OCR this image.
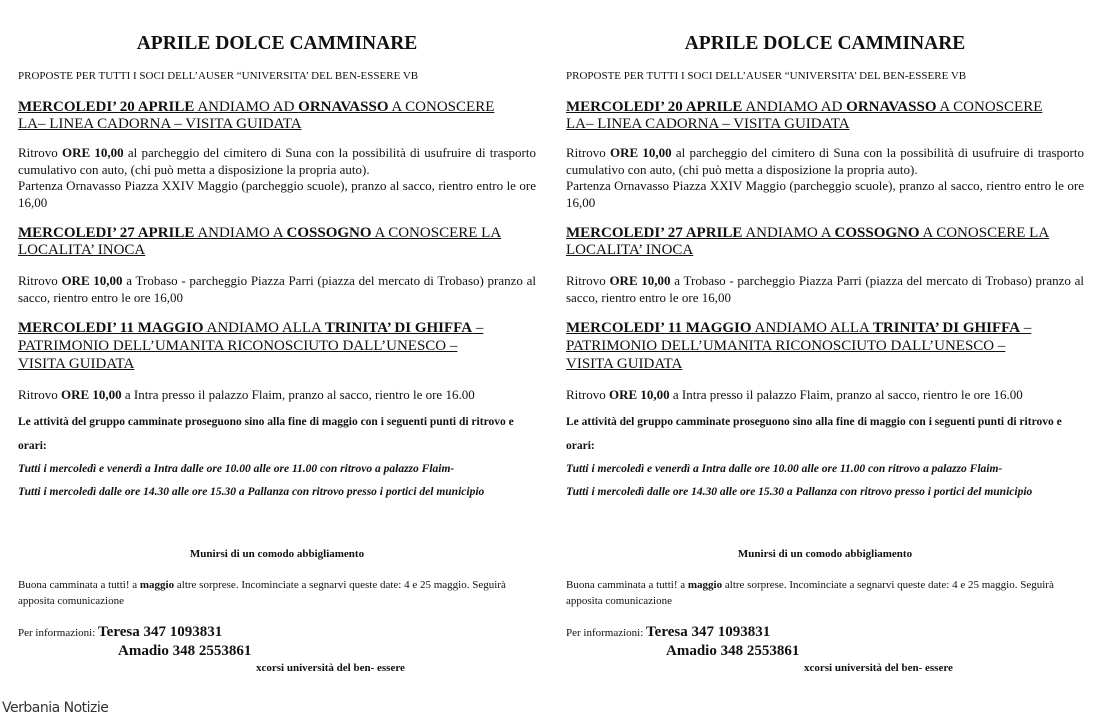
APRILE DOLCE CAMMINARE
PROPOSTE PER TUTTI I SOCI DELL’AUSER “UNIVERSITA’ DEL BEN-ESSERE VB
MERCOLEDI’ 20 APRILE ANDIAMO AD ORNAVASSO A CONOSCERE
LA– LINEA CADORNA – VISITA GUIDATA
Ritrovo ORE 10,00 al parcheggio del cimitero di Suna con la possibilità di usufruire di trasporto cumulativo con auto, (chi può metta a disposizione la propria auto).
Partenza Ornavasso Piazza XXIV Maggio (parcheggio scuole), pranzo al sacco, rientro entro le ore 16,00
MERCOLEDI’ 27 APRILE ANDIAMO A COSSOGNO A CONOSCERE LA
LOCALITA’ INOCA
Ritrovo ORE 10,00 a Trobaso - parcheggio Piazza Parri (piazza del mercato di Trobaso) pranzo al sacco, rientro entro le ore 16,00
MERCOLEDI’ 11 MAGGIO ANDIAMO ALLA TRINITA’ DI GHIFFA –
PATRIMONIO DELL’UMANITA RICONOSCIUTO DALL’UNESCO –
VISITA GUIDATA
Ritrovo ORE 10,00 a Intra presso il palazzo Flaim, pranzo al sacco, rientro le ore 16.00
Le attività del gruppo camminate proseguono sino alla fine di maggio con i seguenti punti di ritrovo e orari:
Tutti i mercoledì e venerdì a Intra dalle ore 10.00 alle ore 11.00 con ritrovo a palazzo Flaim-
Tutti i mercoledì dalle ore 14.30 alle ore 15.30 a Pallanza con ritrovo presso i portici del municipio
Munirsi di un comodo abbigliamento
Buona camminata a tutti! a maggio altre sorprese. Incominciate a segnarvi queste date: 4 e 25 maggio. Seguirà apposita comunicazione
Per informazioni: Teresa 347 1093831
Amadio 348 2553861
xcorsi università del ben- essere
APRILE DOLCE CAMMINARE
PROPOSTE PER TUTTI I SOCI DELL’AUSER “UNIVERSITA’ DEL BEN-ESSERE VB
MERCOLEDI’ 20 APRILE ANDIAMO AD ORNAVASSO A CONOSCERE
LA– LINEA CADORNA – VISITA GUIDATA
Ritrovo ORE 10,00 al parcheggio del cimitero di Suna con la possibilità di usufruire di trasporto cumulativo con auto, (chi può metta a disposizione la propria auto).
Partenza Ornavasso Piazza XXIV Maggio (parcheggio scuole), pranzo al sacco, rientro entro le ore 16,00
MERCOLEDI’ 27 APRILE ANDIAMO A COSSOGNO A CONOSCERE LA
LOCALITA’ INOCA
Ritrovo ORE 10,00 a Trobaso - parcheggio Piazza Parri (piazza del mercato di Trobaso) pranzo al sacco, rientro entro le ore 16,00
MERCOLEDI’ 11 MAGGIO ANDIAMO ALLA TRINITA’ DI GHIFFA –
PATRIMONIO DELL’UMANITA RICONOSCIUTO DALL’UNESCO –
VISITA GUIDATA
Ritrovo ORE 10,00 a Intra presso il palazzo Flaim, pranzo al sacco, rientro le ore 16.00
Le attività del gruppo camminate proseguono sino alla fine di maggio con i seguenti punti di ritrovo e orari:
Tutti i mercoledì e venerdì a Intra dalle ore 10.00 alle ore 11.00 con ritrovo a palazzo Flaim-
Tutti i mercoledì dalle ore 14.30 alle ore 15.30 a Pallanza con ritrovo presso i portici del municipio
Munirsi di un comodo abbigliamento
Buona camminata a tutti! a maggio altre sorprese. Incominciate a segnarvi queste date: 4 e 25 maggio. Seguirà apposita comunicazione
Per informazioni: Teresa 347 1093831
Amadio 348 2553861
xcorsi università del ben- essere
Verbania Notizie
